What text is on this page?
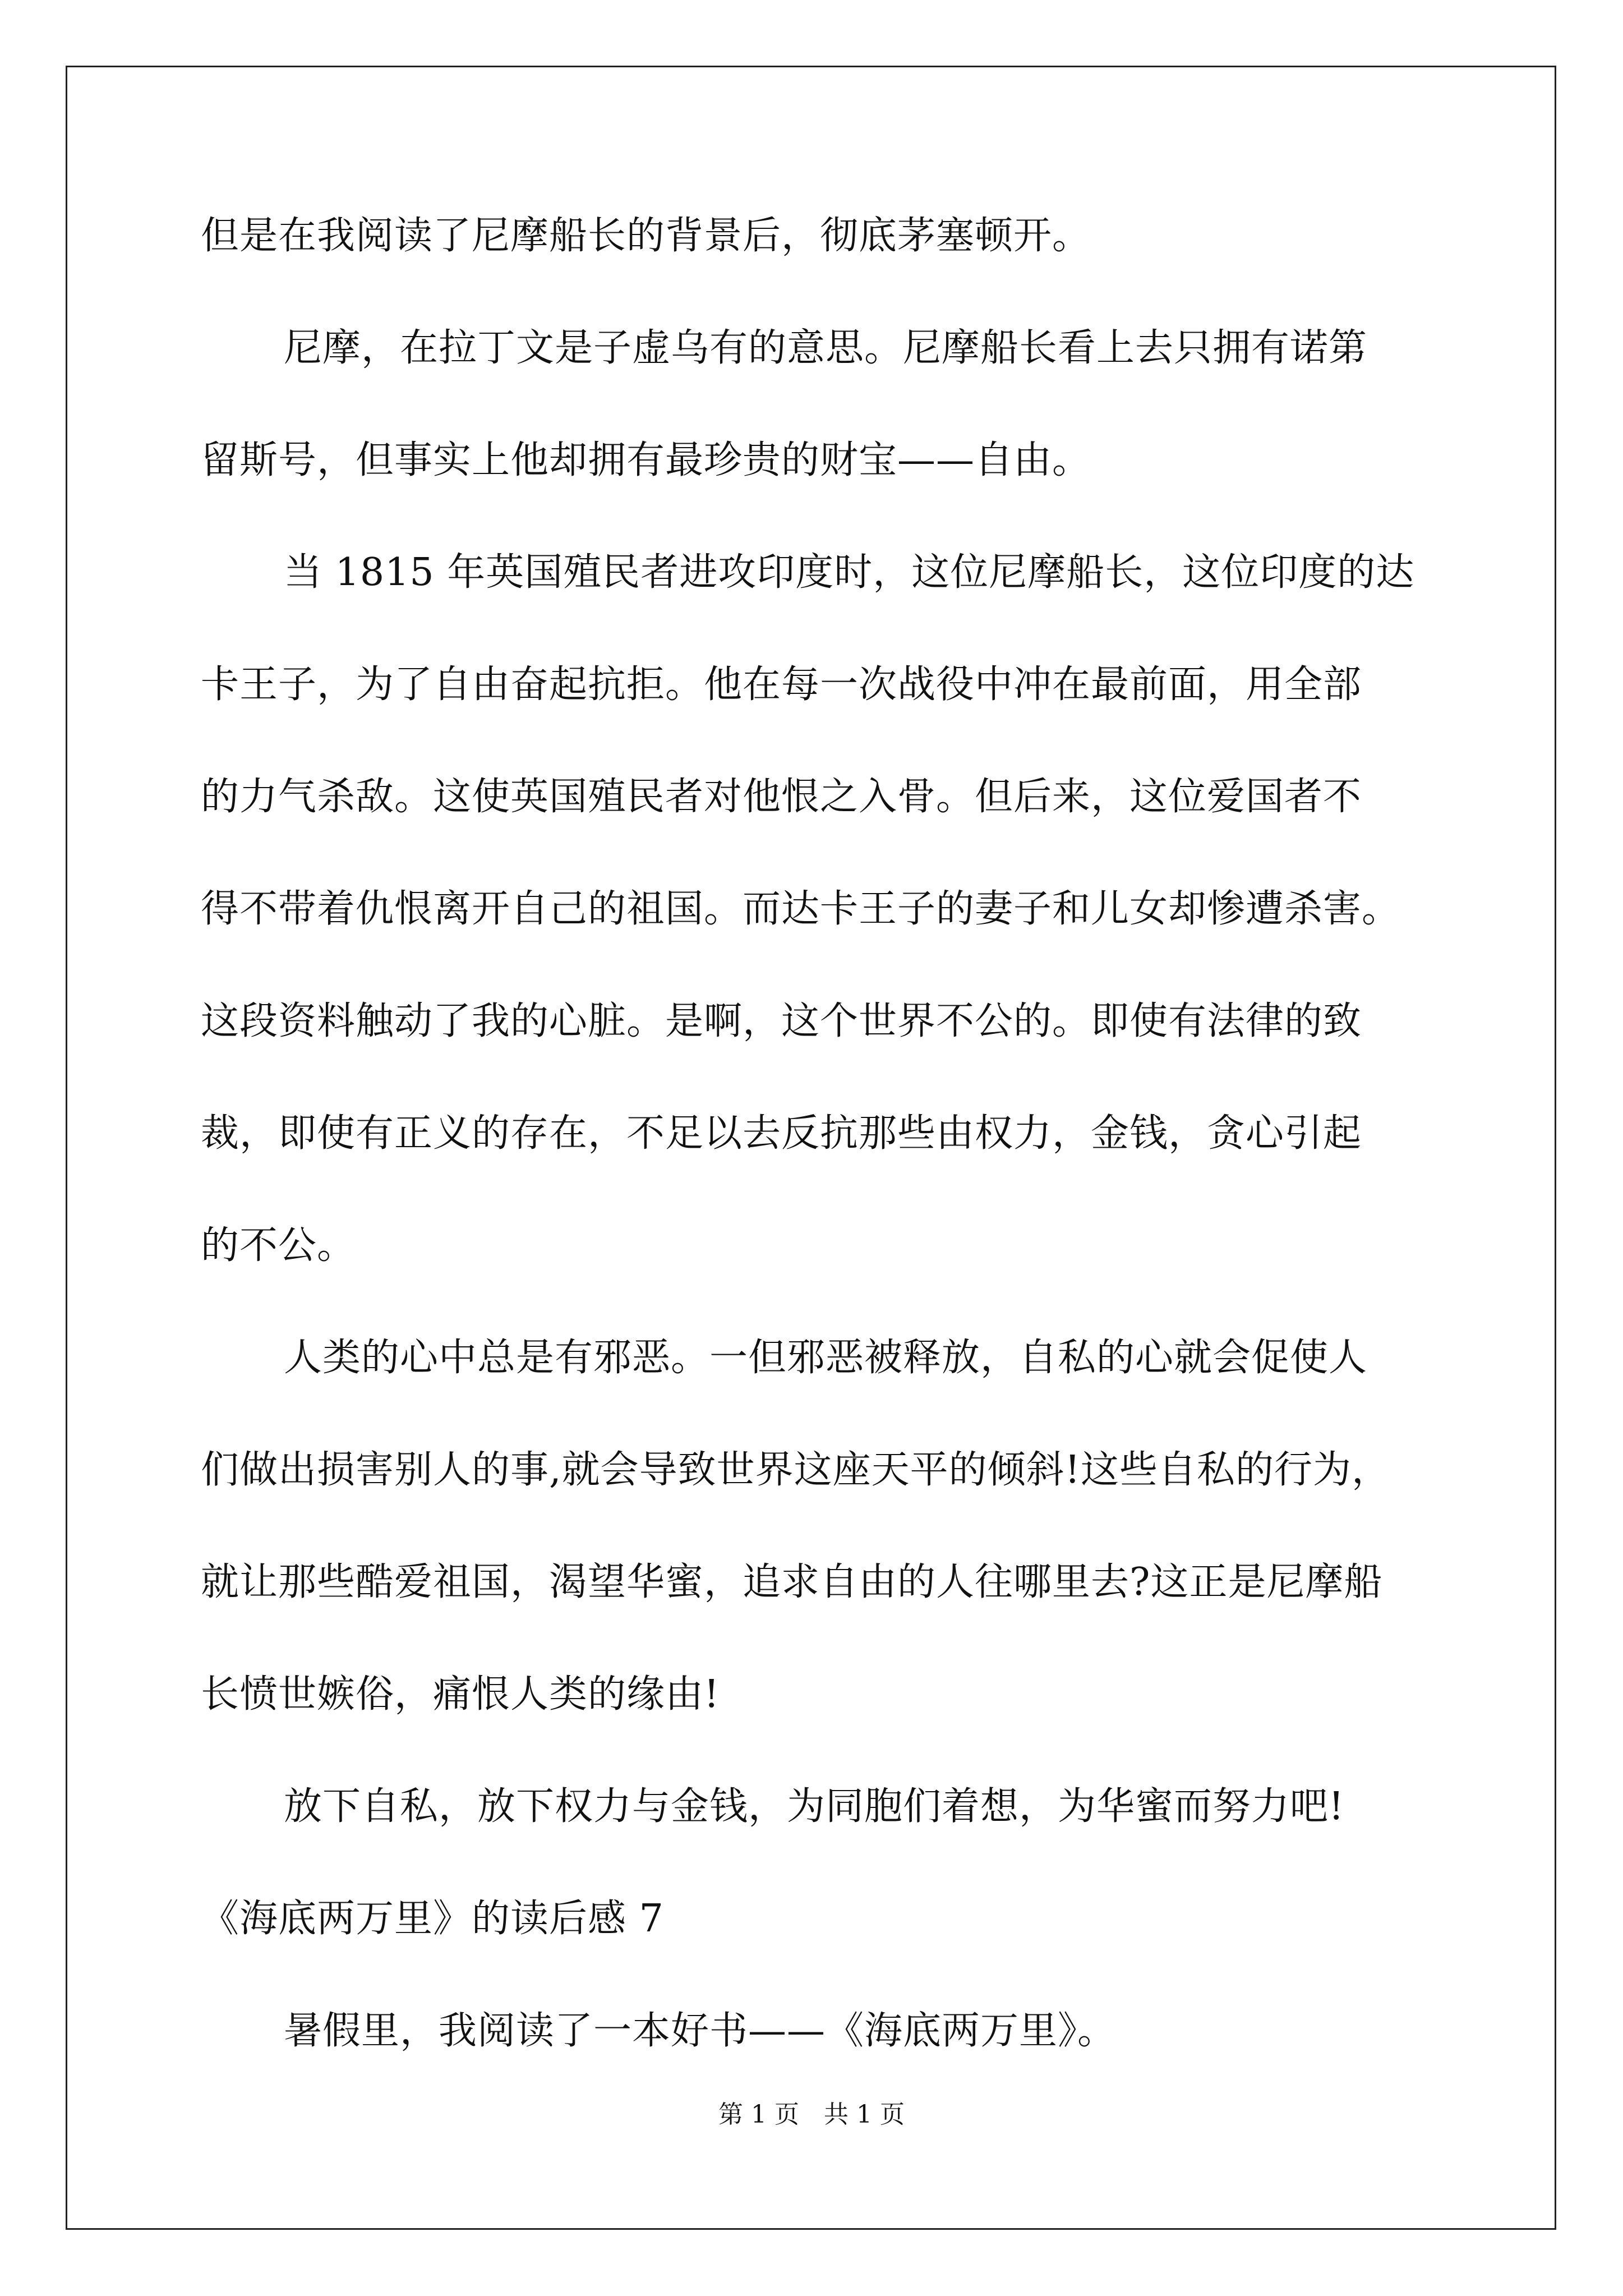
但是在我阅读了尼摩船长的背景后，彻底茅塞顿开。
尼摩，在拉丁文是子虚乌有的意思。尼摩船长看上去只拥有诺第
留斯号，但事实上他却拥有最珍贵的财宝——自由。
当 1815 年英国殖民者进攻印度时，这位尼摩船长，这位印度的达
卡王子，为了自由奋起抗拒。他在每一次战役中冲在最前面，用全部
的力气杀敌。这使英国殖民者对他恨之入骨。但后来，这位爱国者不
得不带着仇恨离开自己的祖国。而达卡王子的妻子和儿女却惨遭杀害。
这段资料触动了我的心脏。是啊，这个世界不公的。即使有法律的致
裁，即使有正义的存在，不足以去反抗那些由权力，金钱，贪心引起
的不公。
人类的心中总是有邪恶。一但邪恶被释放，自私的心就会促使人
们做出损害别人的事,就会导致世界这座天平的倾斜!这些自私的行为，
就让那些酷爱祖国，渴望华蜜，追求自由的人往哪里去?这正是尼摩船
长愤世嫉俗，痛恨人类的缘由!
放下自私，放下权力与金钱，为同胞们着想，为华蜜而努力吧!
《海底两万里》的读后感 7
暑假里，我阅读了一本好书——《海底两万里》。
第 1 页　共 1 页
